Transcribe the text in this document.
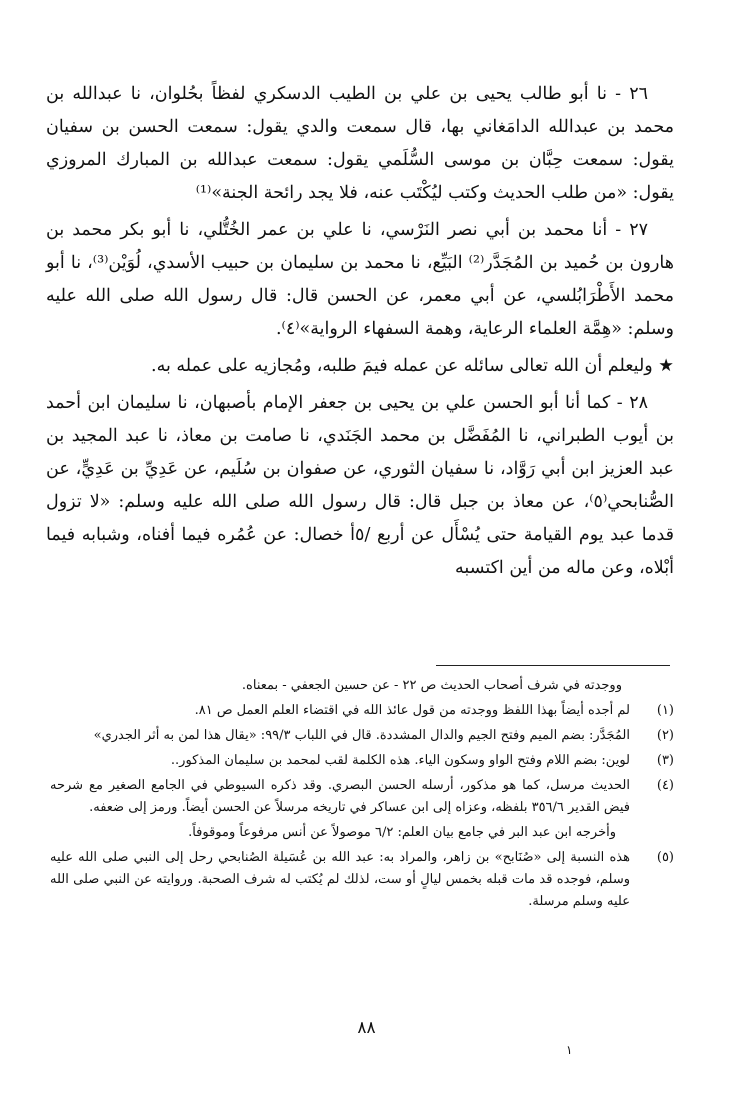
٢٦ - نا أبو طالب يحيى بن علي بن الطيب الدسكري لفظاً بحُلوان، نا عبدالله بن محمد بن عبدالله الدامَغاني بها، قال سمعت والدي يقول: سمعت الحسن بن سفيان يقول: سمعت حِبَّان بن موسى السُّلَمي يقول: سمعت عبدالله بن المبارك المروزي يقول: «من طلب الحديث وكتب ليُكْتَب عنه، فلا يجد رائحة الجنة»⁽¹⁾

٢٧ - أنا محمد بن أبي نصر النَرْسي، نا علي بن عمر الخُتُّلي، نا أبو بكر محمد بن هارون بن حُميد بن المُجَدَّر⁽²⁾ البَيِّع، نا محمد بن سليمان بن حبيب الأسدي، لُوَيْن⁽³⁾، نا أبو محمد الأَطْرَابُلسي، عن أبي معمر، عن الحسن قال: قال رسول الله صلى الله عليه وسلم: «هِمَّة العلماء الرعاية، وهمة السفهاء الرواية»⁽٤⁾.

★ وليعلم أن الله تعالى سائله عن عمله فيمَ طلبه، ومُجازيه على عمله به.

٢٨ - كما أنا أبو الحسن علي بن يحيى بن جعفر الإمام بأصبهان، نا سليمان ابن أحمد بن أيوب الطبراني، نا المُفَضَّل بن محمد الجَنَدي، نا صامت بن معاذ، نا عبد المجيد بن عبد العزيز ابن أبي رَوَّاد، نا سفيان الثوري، عن صفوان بن سُلَيم، عن عَدِيِّ بن عَدِيٍّ، عن الصُّنابحي⁽٥⁾، عن معاذ بن جبل قال: قال رسول الله صلى الله عليه وسلم: «لا تزول قدما عبد يوم القيامة حتى يُسْأَل عن أربع /٥أ خصال: عن عُمُره فيما أفناه، وشبابه فيما أبْلاه، وعن ماله من أين اكتسبه

ووجدته في شرف أصحاب الحديث ص ٢٢ - عن حسين الجعفي - بمعناه.

(١)
لم أجده أيضاً بهذا اللفظ ووجدته من قول عائذ الله في اقتضاء العلم العمل ص ٨١.
(٢)
المُجَدَّر: بضم الميم وفتح الجيم والدال المشددة. قال في اللباب ٩٩/٣: «يقال هذا لمن به أثر الجدري»
(٣)
لوين: بضم اللام وفتح الواو وسكون الياء. هذه الكلمة لقب لمحمد بن سليمان المذكور..
(٤)
الحديث مرسل، كما هو مذكور، أرسله الحسن البصري. وقد ذكره السيوطي في الجامع الصغير مع شرحه فيض القدير ٣٥٦/٦ بلفظه، وعزاه إلى ابن عساكر في تاريخه مرسلاً عن الحسن أيضاً. ورمز إلى ضعفه.

وأخرجه ابن عبد البر في جامع بيان العلم: ٦/٢ موصولاً عن أنس مرفوعاً وموقوفاً.

(٥)
هذه النسبة إلى «صُنَابح» بن زاهر، والمراد به: عبد الله بن عُسَيلة الصُنابحي رحل إلى النبي صلى الله عليه وسلم، فوجده قد مات قبله بخمس ليالٍ أو ست، لذلك لم يُكتب له شرف الصحبة. وروايته عن النبي صلى الله عليه وسلم مرسلة.
٨٨
١
